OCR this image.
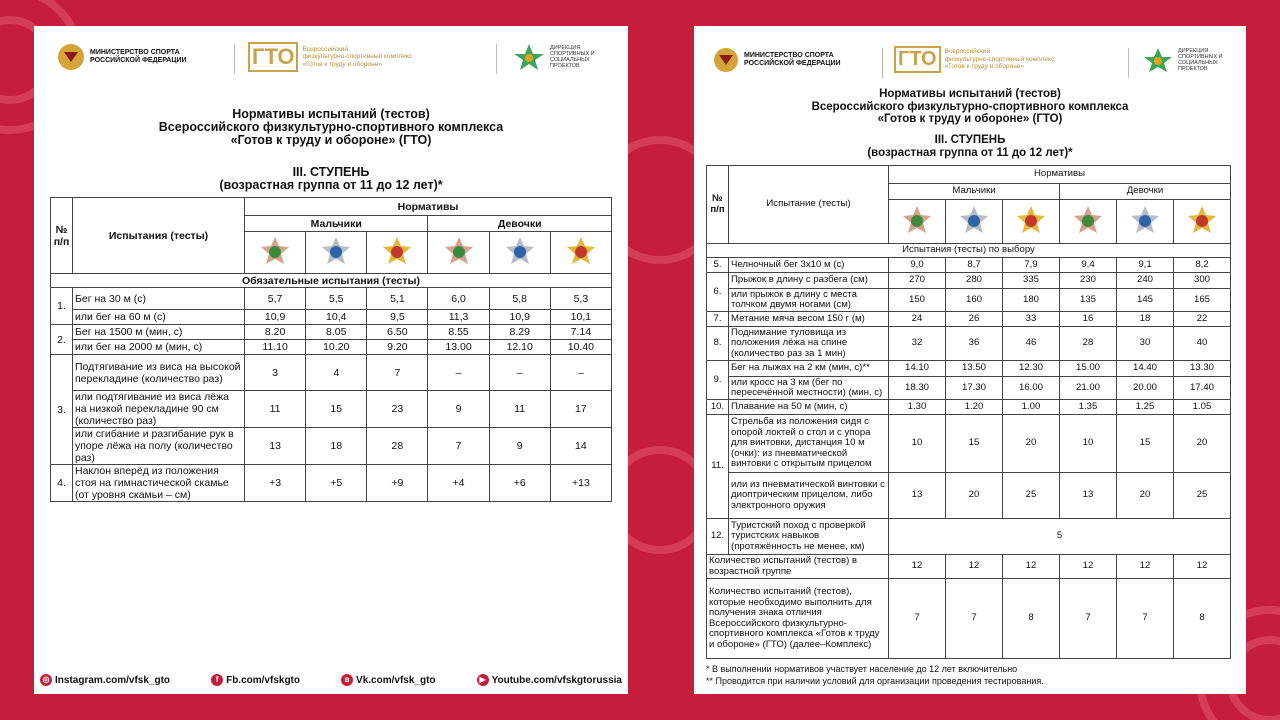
МИНИСТЕРСТВО СПОРТА РОССИЙСКОЙ ФЕДЕРАЦИИ	ГТО	Всероссийский
физкультурно-спортивный комплекс
«Готов к труду и обороне»
ДИРЕКЦИЯ СПОРТИВНЫХ И СОЦИАЛЬНЫХ ПРОЕКТОВ
Нормативы испытаний (тестов)
Всероссийского физкультурно-спортивного комплекса
«Готов к труду и обороне» (ГТО)
III. СТУПЕНЬ
(возрастная группа от 11 до 12 лет)*
№ п/п	Испытания (тесты)	Нормативы					
		Мальчики			Девочки		

Обязательные испытания (тесты)							
1.	Бег на 30 м (с)	5,7	5,5	5,1	6,0	5,8	5,3
	или бег на 60 м (с)	10,9	10,4	9,5	11,3	10,9	10,1
2.	Бег на 1500 м (мин, с)	8.20	8.05	6.50	8.55	8.29	7.14
	или бег на 2000 м (мин, с)	11.10	10.20	9.20	13.00	12.10	10.40
3.	Подтягивание из виса на высокой перекладине (количество раз)	3	4	7	–	–	–
	или подтягивание из виса лёжа на низкой перекладине 90 см (количество раз)	11	15	23	9	11	17
	или сгибание и разгибание рук в упоре лёжа на полу (количество раз)	13	18	28	7	9	14
4.	Наклон вперёд из положения стоя на гимнастической скамье (от уровня скамьи – см)	+3	+5	+9	+4	+6	+13
◎ Instagram.com/vfsk_gto	f Fb.com/vfskgto	в Vk.com/vfsk_gto	▶ Youtube.com/vfskgtorussia
МИНИСТЕРСТВО СПОРТА РОССИЙСКОЙ ФЕДЕРАЦИИ	ГТО	Всероссийский
физкультурно-спортивный комплекс
«Готов к труду и обороне»
ДИРЕКЦИЯ СПОРТИВНЫХ И СОЦИАЛЬНЫХ ПРОЕКТОВ
Нормативы испытаний (тестов)
Всероссийского физкультурно-спортивного комплекса
«Готов к труду и обороне» (ГТО)
III. СТУПЕНЬ
(возрастная группа от 11 до 12 лет)*
№ п/п	Испытание (тесты)	Нормативы					
		Мальчики			Девочки		

Испытания (тесты) по выбору							
5.	Челночный бег 3х10 м (с)	9,0	8,7	7,9	9,4	9,1	8,2
6.	Прыжок в длину с разбега (см)	270	280	335	230	240	300
	или прыжок в длину с места толчком двумя ногами (см)	150	160	180	135	145	165
7.	Метание мяча весом 150 г (м)	24	26	33	16	18	22
8.	Поднимание туловища из положения лёжа на спине (количество раз за 1 мин)	32	36	46	28	30	40
9.	Бег на лыжах на 2 км (мин, с)**	14.10	13.50	12.30	15.00	14.40	13.30
	или кросс на 3 км (бег по пересечённой местности) (мин, с)	18.30	17.30	16.00	21.00	20.00	17.40
10.	Плавание на 50 м (мин, с)	1.30	1.20	1.00	1.35	1.25	1.05
11.	Стрельба из положения сидя с опорой локтей о стол и с упора для винтовки, дистанция 10 м (очки): из пневматической винтовки с открытым прицелом	10	15	20	10	15	20
	или из пневматической винтовки с диоптрическим прицелом, либо электронного оружия	13	20	25	13	20	25
12.	Туристский поход с проверкой туристских навыков (протяжённость не менее, км)	5					
Количество испытаний (тестов) в возрастной группе		12	12	12	12	12	12
Количество испытаний (тестов), которые необходимо выполнить для получения знака отличия Всероссийского физкультурно-спортивного комплекса «Готов к труду и обороне» (ГТО) (далее–Комплекс)		7	7	8	7	7	8
* В выполнении нормативов участвует население до 12 лет включительно
** Проводится при наличии условий для организации проведения тестирования.
